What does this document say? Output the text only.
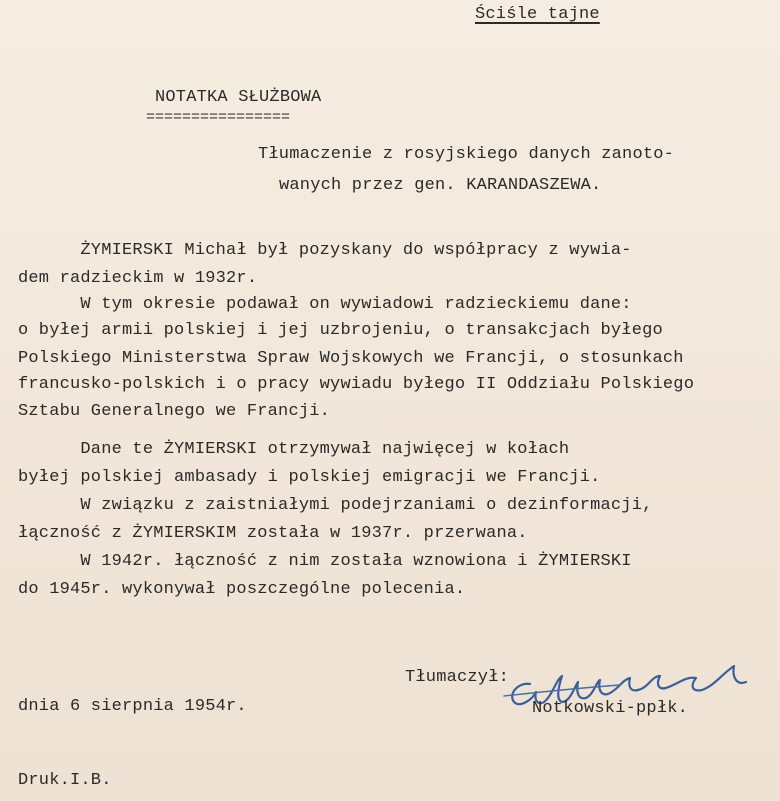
Ściśle tajne
NOTATKA SŁUŻBOWA
================
Tłumaczenie z rosyjskiego danych zanoto-
wanych przez gen. KARANDASZEWA.
ŻYMIERSKI Michał był pozyskany do współpracy z wywia-
dem radzieckim w 1932r.
W tym okresie podawał on wywiadowi radzieckiemu dane:
o byłej armii polskiej i jej uzbrojeniu, o transakcjach byłego
Polskiego Ministerstwa Spraw Wojskowych we Francji, o stosunkach
francusko-polskich i o pracy wywiadu byłego II Oddziału Polskiego
Sztabu Generalnego we Francji.
Dane te ŻYMIERSKI otrzymywał najwięcej w kołach
byłej polskiej ambasady i polskiej emigracji we Francji.
W związku z zaistniałymi podejrzaniami o dezinformacji,
łączność z ŻYMIERSKIM została w 1937r. przerwana.
W 1942r. łączność z nim została wznowiona i ŻYMIERSKI
do 1945r. wykonywał poszczególne polecenia.
Tłumaczył:
Notkowski-ppłk.
dnia 6 sierpnia 1954r.
Druk.I.B.
